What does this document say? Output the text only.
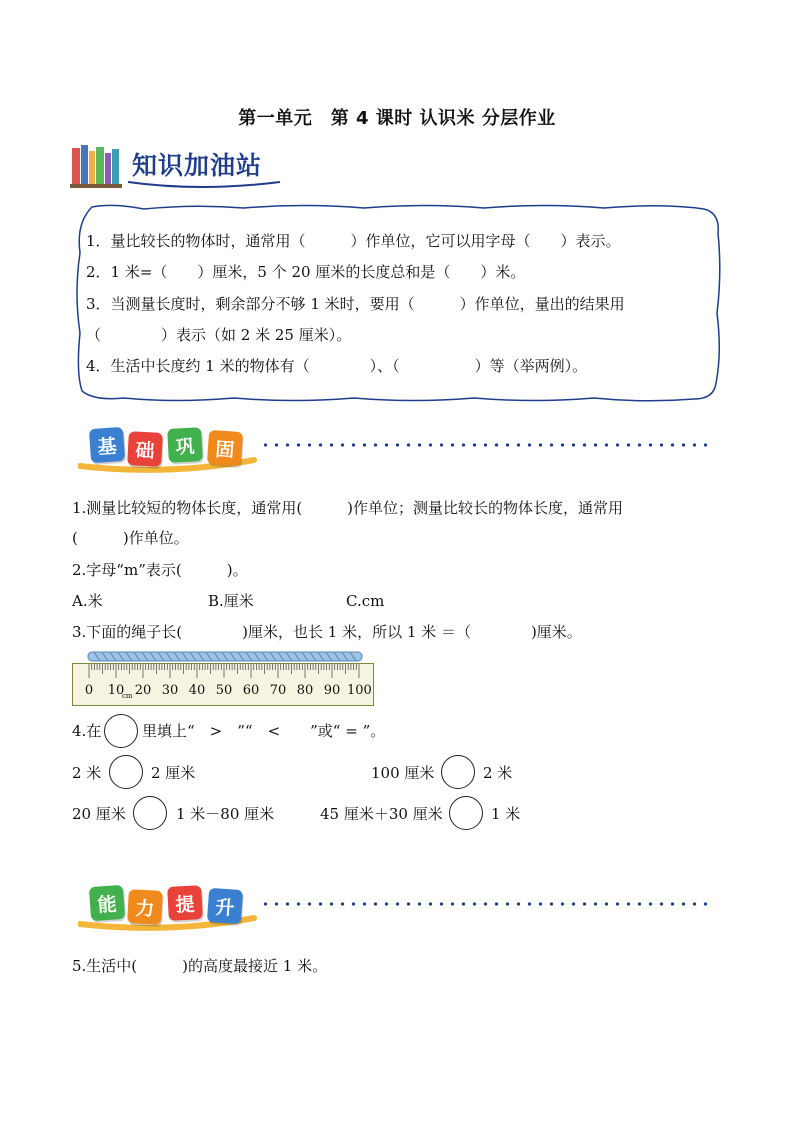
第一单元　第 4 课时 认识米 分层作业
知识加油站
1．量比较长的物体时，通常用（　　　）作单位，它可以用字母（　　）表示。
2．1 米=（　　）厘米，5 个 20 厘米的长度总和是（　　）米。
3．当测量长度时，剩余部分不够 1 米时，要用（　　　）作单位，量出的结果用
（　　　　）表示（如 2 米 25 厘米）。
4．生活中长度约 1 米的物体有（　　　　）、（　　　　　）等（举两例）。
基 础	巩	固
1.测量比较短的物体长度，通常用(　　　)作单位；测量比较长的物体长度，通常用
(　　　)作单位。
2.字母“m”表示(　　　)。
A.米	B.厘米	C.cm
3.下面的绳子长(　　　　)厘米，也长 1 米，所以 1 米 ＝（　　　　)厘米。
0	10 20 30 40 50 60 70 80 90 100
cm
4.在	里填上“　>　”“　<　　”或“ = ”。
2 米	2 厘米	100 厘米	2 米
20 厘米	1 米－80 厘米	45 厘米＋30 厘米	1 米
能 力	提	升
5.生活中(　　　)的高度最接近 1 米。
